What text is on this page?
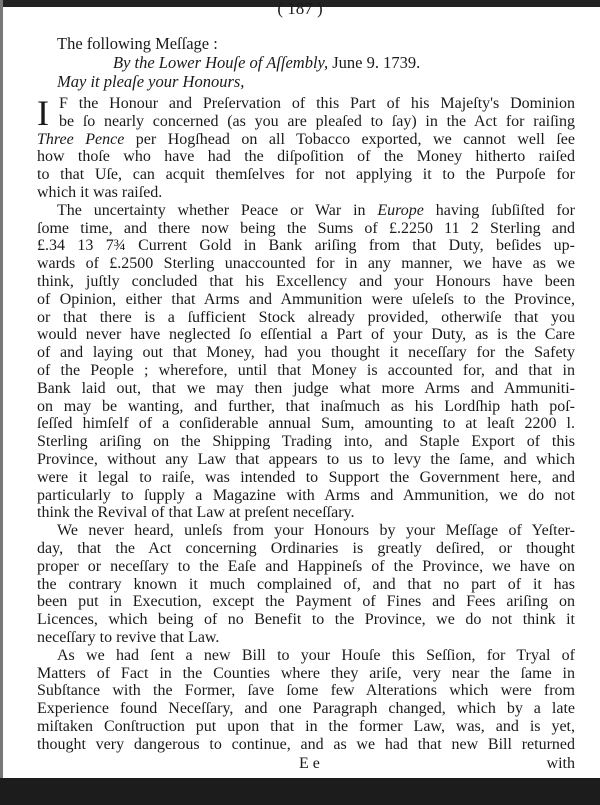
( 187 )
The following Meſſage :
By the Lower Houſe of Aſſembly, June 9. 1739.
May it pleaſe your Honours,
I F the Honour and Preſervation of this Part of his Majeſty's Dominion
be ſo nearly concerned (as you are pleaſed to ſay) in the Act for raiſing
Three Pence per Hogſhead on all Tobacco exported, we cannot well ſee
how thoſe who have had the diſpoſition of the Money hitherto raiſed
to that Uſe, can acquit themſelves for not applying it to the Purpoſe for
which it was raiſed.
The uncertainty whether Peace or War in Europe having ſubſiſted for
ſome time, and there now being the Sums of £.2250 11 2 Sterling and
£.34 13 7¾ Current Gold in Bank ariſing from that Duty, beſides up-
wards of £.2500 Sterling unaccounted for in any manner, we have as we
think, juſtly concluded that his Excellency and your Honours have been
of Opinion, either that Arms and Ammunition were uſeleſs to the Province,
or that there is a ſufficient Stock already provided, otherwiſe that you
would never have neglected ſo eſſential a Part of your Duty, as is the Care
of and laying out that Money, had you thought it neceſſary for the Safety
of the People ; wherefore, until that Money is accounted for, and that in
Bank laid out, that we may then judge what more Arms and Ammuniti-
on may be wanting, and further, that inaſmuch as his Lordſhip hath poſ-
ſeſſed himſelf of a conſiderable annual Sum, amounting to at leaſt 2200 l.
Sterling ariſing on the Shipping Trading into, and Staple Export of this
Province, without any Law that appears to us to levy the ſame, and which
were it legal to raiſe, was intended to Support the Government here, and
particularly to ſupply a Magazine with Arms and Ammunition, we do not
think the Revival of that Law at preſent neceſſary.
We never heard, unleſs from your Honours by your Meſſage of Yeſter-
day, that the Act concerning Ordinaries is greatly deſired, or thought
proper or neceſſary to the Eaſe and Happineſs of the Province, we have on
the contrary known it much complained of, and that no part of it has
been put in Execution, except the Payment of Fines and Fees ariſing on
Licences, which being of no Benefit to the Province, we do not think it
neceſſary to revive that Law.
As we had ſent a new Bill to your Houſe this Seſſion, for Tryal of
Matters of Fact in the Counties where they ariſe, very near the ſame in
Subſtance with the Former, ſave ſome few Alterations which were from
Experience found Neceſſary, and one Paragraph changed, which by a late
miſtaken Conſtruction put upon that in the former Law, was, and is yet,
thought very dangerous to continue, and as we had that new Bill returned
E e	with
